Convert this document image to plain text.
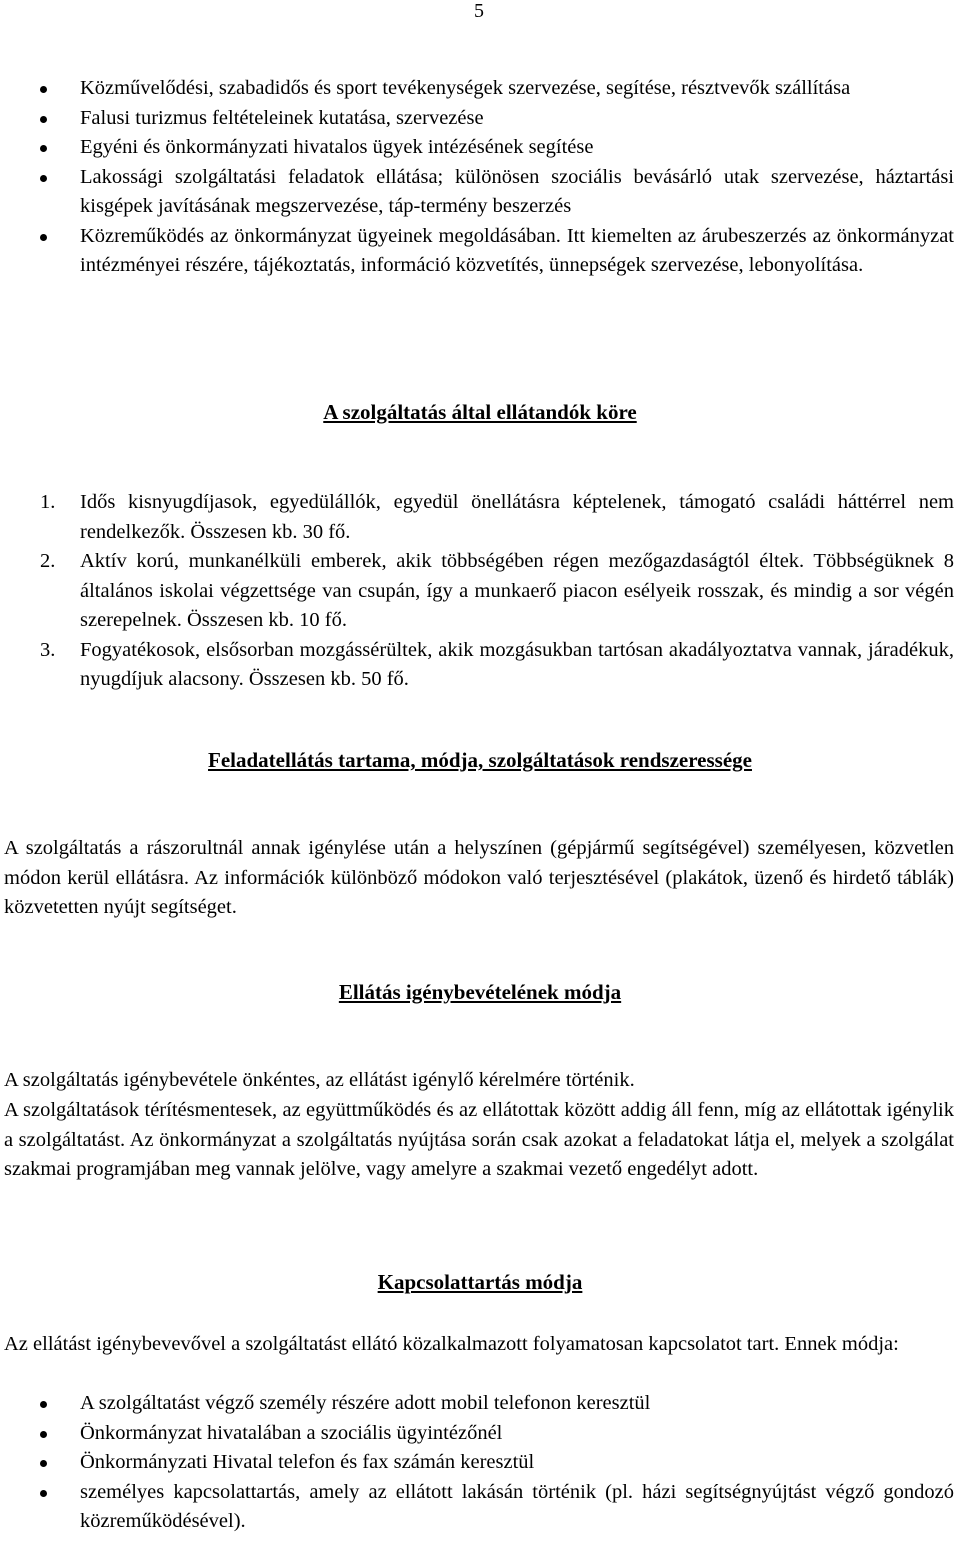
5
Közművelődési, szabadidős és sport tevékenységek szervezése, segítése, résztvevők szállítása
Falusi turizmus feltételeinek kutatása, szervezése
Egyéni és önkormányzati hivatalos ügyek intézésének segítése
Lakossági szolgáltatási feladatok ellátása; különösen szociális bevásárló utak szervezése, háztartási kisgépek javításának megszervezése, táp-termény beszerzés
Közreműködés az önkormányzat ügyeinek megoldásában. Itt kiemelten az árubeszerzés az önkormányzat intézményei részére, tájékoztatás, információ közvetítés, ünnepségek szervezése, lebonyolítása.
A szolgáltatás által ellátandók köre
1. Idős kisnyugdíjasok, egyedülállók, egyedül önellátásra képtelenek, támogató családi háttérrel nem rendelkezők. Összesen kb. 30 fő.
2. Aktív korú, munkanélküli emberek, akik többségében régen mezőgazdaságtól éltek. Többségüknek 8 általános iskolai végzettsége van csupán, így a munkaerő piacon esélyeik rosszak, és mindig a sor végén szerepelnek. Összesen kb. 10 fő.
3. Fogyatékosok, elsősorban mozgássérültek, akik mozgásukban tartósan akadályoztatva vannak, járadékuk, nyugdíjuk alacsony. Összesen kb. 50 fő.
Feladatellátás tartama, módja, szolgáltatások rendszeressége

A szolgáltatás a rászorultnál annak igénylése után a helyszínen (gépjármű segítségével) személyesen, közvetlen módon kerül ellátásra. Az információk különböző módokon való terjesztésével (plakátok, üzenő és hirdető táblák) közvetetten nyújt segítséget.

Ellátás igénybevételének módja

A szolgáltatás igénybevétele önkéntes, az ellátást igénylő kérelmére történik.

A szolgáltatások térítésmentesek, az együttműködés és az ellátottak között addig áll fenn, míg az ellátottak igénylik a szolgáltatást. Az önkormányzat a szolgáltatás nyújtása során csak azokat a feladatokat látja el, melyek a szolgálat szakmai programjában meg vannak jelölve, vagy amelyre a szakmai vezető engedélyt adott.

Kapcsolattartás módja

Az ellátást igénybevevővel a szolgáltatást ellátó közalkalmazott folyamatosan kapcsolatot tart. Ennek módja:

A szolgáltatást végző személy részére adott mobil telefonon keresztül
Önkormányzat hivatalában a szociális ügyintézőnél
Önkormányzati Hivatal telefon és fax számán keresztül
személyes kapcsolattartás, amely az ellátott lakásán történik (pl. házi segítségnyújtást végző gondozó közreműködésével).
